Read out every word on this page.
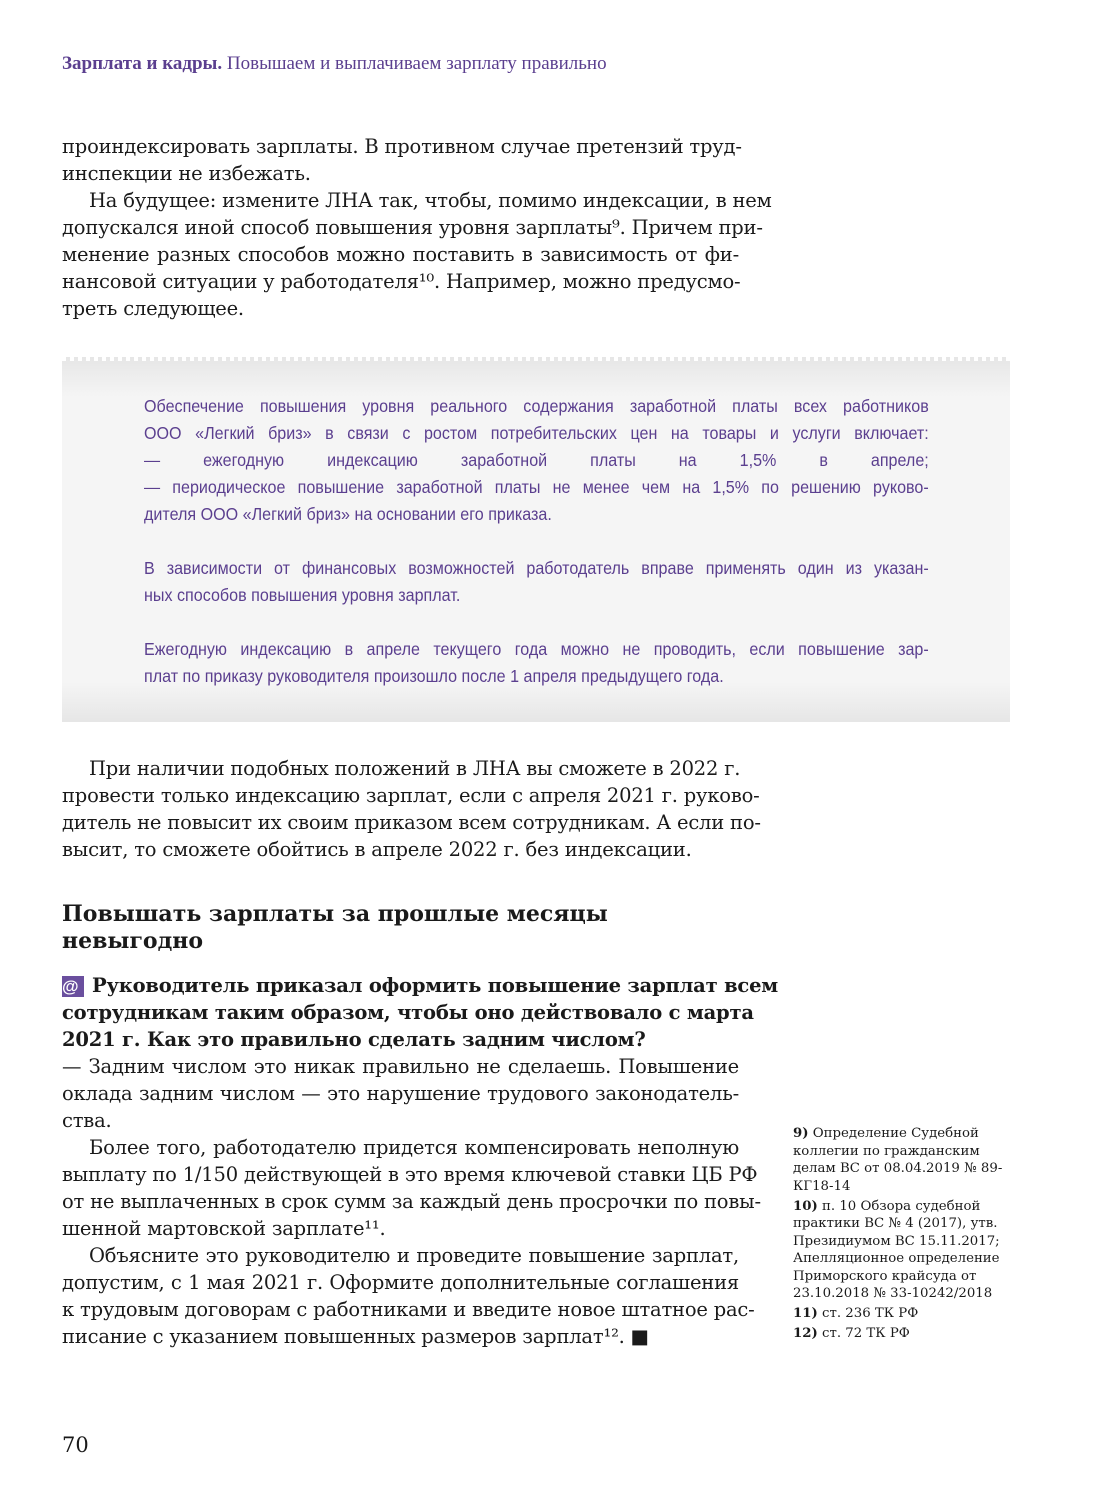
Зарплата и кадры. Повышаем и выплачиваем зарплату правильно
проиндексировать зарплаты. В противном случае претензий труд-
инспекции не избежать.
На будущее: измените ЛНА так, чтобы, помимо индексации, в нем
допускался иной способ повышения уровня зарплаты⁹. Причем при-
менение разных способов можно поставить в зависимость от фи-
нансовой ситуации у работодателя¹⁰. Например, можно предусмо-
треть следующее.
Обеспечение повышения уровня реального содержания заработной платы всех работников
ООО «Легкий бриз» в связи с ростом потребительских цен на товары и услуги включает:
— ежегодную индексацию заработной платы на 1,5% в апреле;
— периодическое повышение заработной платы не менее чем на 1,5% по решению руково-
дителя ООО «Легкий бриз» на основании его приказа.
В зависимости от финансовых возможностей работодатель вправе применять один из указан-
ных способов повышения уровня зарплат.
Ежегодную индексацию в апреле текущего года можно не проводить, если повышение зар-
плат по приказу руководителя произошло после 1 апреля предыдущего года.
При наличии подобных положений в ЛНА вы сможете в 2022 г.
провести только индексацию зарплат, если с апреля 2021 г. руково-
дитель не повысит их своим приказом всем сотрудникам. А если по-
высит, то сможете обойтись в апреле 2022 г. без индексации.
Повышать зарплаты за прошлые месяцы
невыгодно
@ Руководитель приказал оформить повышение зарплат всем
сотрудникам таким образом, чтобы оно действовало с марта
2021 г. Как это правильно сделать задним числом?
— Задним числом это никак правильно не сделаешь. Повышение
оклада задним числом — это нарушение трудового законодатель-
ства.
Более того, работодателю придется компенсировать неполную
выплату по 1/150 действующей в это время ключевой ставки ЦБ РФ
от не выплаченных в срок сумм за каждый день просрочки по повы-
шенной мартовской зарплате¹¹.
Объясните это руководителю и проведите повышение зарплат,
допустим, с 1 мая 2021 г. Оформите дополнительные соглашения
к трудовым договорам с работниками и введите новое штатное рас-
писание с указанием повышенных размеров зарплат¹². ■
9) Определение Судебной коллегии по гражданским делам ВС от 08.04.2019 № 89-КГ18-14
10) п. 10 Обзора судебной практики ВС № 4 (2017), утв. Президиумом ВС 15.11.2017; Апелляционное определение Приморского крайсуда от 23.10.2018 № 33-10242/2018
11) ст. 236 ТК РФ
12) ст. 72 ТК РФ
70
